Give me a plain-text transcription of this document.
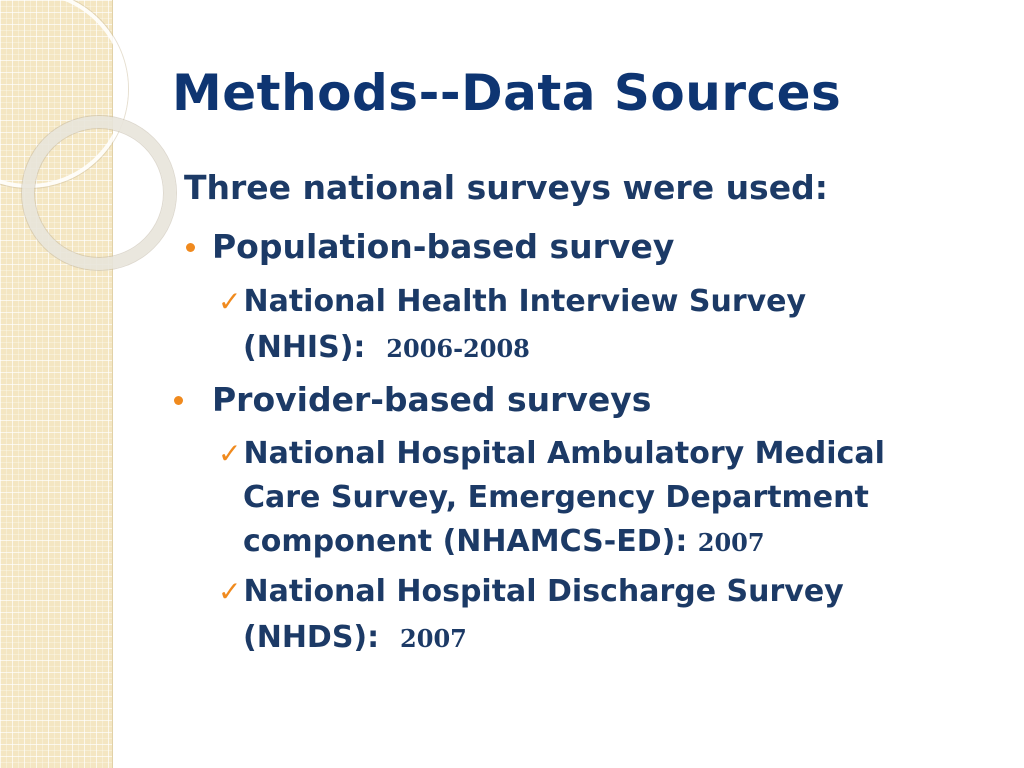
Methods--Data Sources
Three national surveys were used:
Population-based survey
✓National Health Interview Survey
(NHIS): 2006-2008
Provider-based surveys
✓National Hospital Ambulatory Medical
Care Survey, Emergency Department
component (NHAMCS-ED): 2007
✓National Hospital Discharge Survey
(NHDS): 2007
